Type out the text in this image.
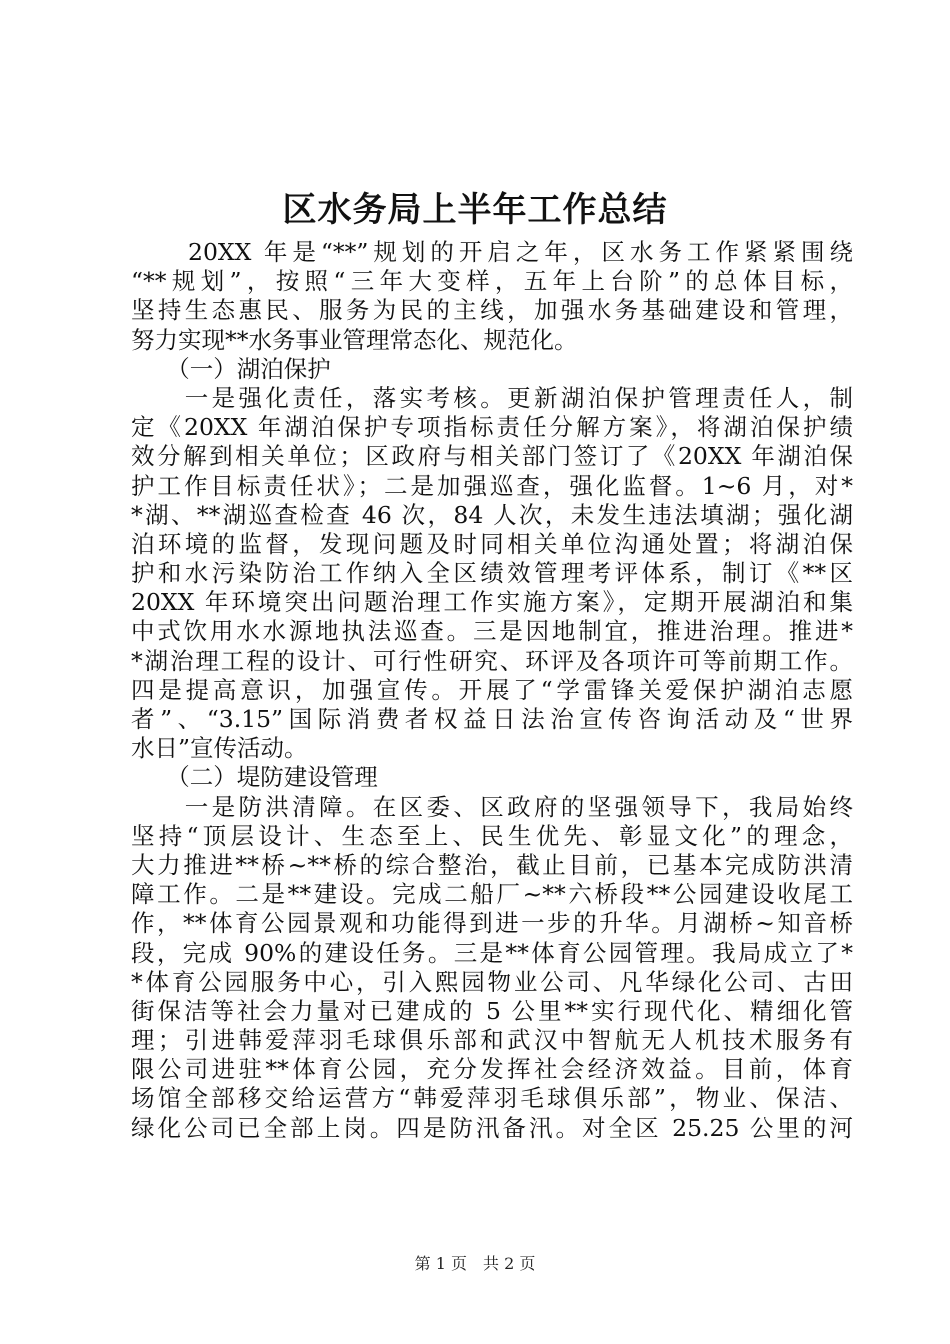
区水务局上半年工作总结
　　20XX 年是“**”规划的开启之年，区水务工作紧紧围绕
“**规划”，按照“三年大变样，五年上台阶”的总体目标，
坚持生态惠民、服务为民的主线，加强水务基础建设和管理，
努力实现**水务事业管理常态化、规范化。
　　（一）湖泊保护
　　一是强化责任，落实考核。更新湖泊保护管理责任人，制
定《20XX 年湖泊保护专项指标责任分解方案》，将湖泊保护绩
效分解到相关单位；区政府与相关部门签订了《20XX 年湖泊保
护工作目标责任状》；二是加强巡查，强化监督。1~6 月，对*
*湖、**湖巡查检查 46 次，84 人次，未发生违法填湖；强化湖
泊环境的监督，发现问题及时同相关单位沟通处置；将湖泊保
护和水污染防治工作纳入全区绩效管理考评体系，制订《**区
20XX 年环境突出问题治理工作实施方案》，定期开展湖泊和集
中式饮用水水源地执法巡查。三是因地制宜，推进治理。推进*
*湖治理工程的设计、可行性研究、环评及各项许可等前期工作。
四是提高意识，加强宣传。开展了“学雷锋关爱保护湖泊志愿
者”、“3.15”国际消费者权益日法治宣传咨询活动及“世界
水日”宣传活动。
　　（二）堤防建设管理
　　一是防洪清障。在区委、区政府的坚强领导下，我局始终
坚持“顶层设计、生态至上、民生优先、彰显文化”的理念，
大力推进**桥~**桥的综合整治，截止目前，已基本完成防洪清
障工作。二是**建设。完成二船厂~**六桥段**公园建设收尾工
作，**体育公园景观和功能得到进一步的升华。月湖桥~知音桥
段，完成 90%的建设任务。三是**体育公园管理。我局成立了*
*体育公园服务中心，引入熙园物业公司、凡华绿化公司、古田
街保洁等社会力量对已建成的 5 公里**实行现代化、精细化管
理；引进韩爱萍羽毛球俱乐部和武汉中智航无人机技术服务有
限公司进驻**体育公园，充分发挥社会经济效益。目前，体育
场馆全部移交给运营方“韩爱萍羽毛球俱乐部”，物业、保洁、
绿化公司已全部上岗。四是防汛备汛。对全区 25.25 公里的河
第 1 页　共 2 页
